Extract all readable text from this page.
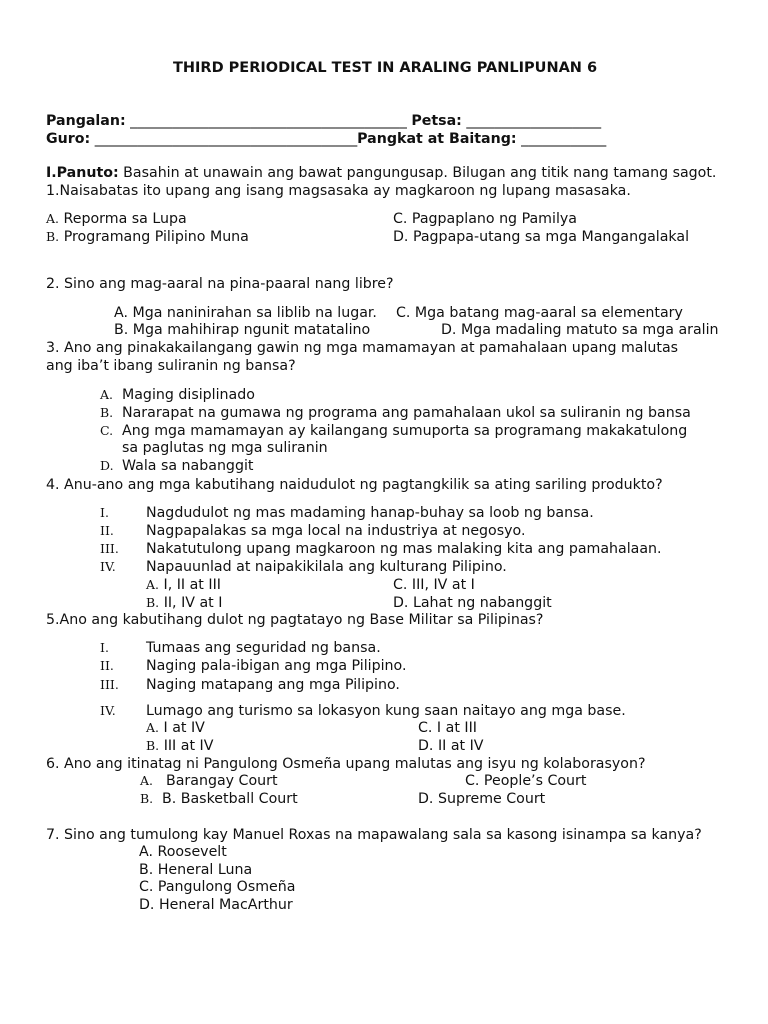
THIRD PERIODICAL TEST IN ARALING PANLIPUNAN 6
Pangalan: _______________________________________ Petsa: ___________________
Guro: _____________________________________Pangkat at Baitang: ____________
I.Panuto: Basahin at unawain ang bawat pangungusap. Bilugan ang titik nang tamang sagot.
1.Naisabatas ito upang ang isang magsasaka ay magkaroon ng lupang masasaka.
A. Reporma sa Lupa	C. Pagpaplano ng Pamilya
B. Programang Pilipino Muna	D. Pagpapa-utang sa mga Mangangalakal
2. Sino ang mag-aaral na pina-paaral nang libre?
A. Mga naninirahan sa liblib na lugar. C. Mga batang mag-aaral sa elementary
B. Mga mahihirap ngunit matatalino	D. Mga madaling matuto sa mga aralin
3. Ano ang pinakakailangang gawin ng mga mamamayan at pamahalaan upang malutas
ang iba’t ibang suliranin ng bansa?
A. Maging disiplinado
B. Nararapat na gumawa ng programa ang pamahalaan ukol sa suliranin ng bansa
C. Ang mga mamamayan ay kailangang sumuporta sa programang makakatulong
sa paglutas ng mga suliranin
D. Wala sa nabanggit
4. Anu-ano ang mga kabutihang naidudulot ng pagtangkilik sa ating sariling produkto?
I.	Nagdudulot ng mas madaming hanap-buhay sa loob ng bansa.
II. Nagpapalakas sa mga local na industriya at negosyo.
III. Nakatutulong upang magkaroon ng mas malaking kita ang pamahalaan.
IV. Napauunlad at naipakikilala ang kulturang Pilipino.
A. I, II at III	C. III, IV at I
B. II, IV at I	D. Lahat ng nabanggit
5.Ano ang kabutihang dulot ng pagtatayo ng Base Militar sa Pilipinas?
I.	Tumaas ang seguridad ng bansa.
II. Naging pala-ibigan ang mga Pilipino.
III. Naging matapang ang mga Pilipino.
IV. Lumago ang turismo sa lokasyon kung saan naitayo ang mga base.
A. I at IV	C. I at III
B. III at IV	D. II at IV
6. Ano ang itinatag ni Pangulong Osmeña upang malutas ang isyu ng kolaborasyon?
A. Barangay Court	C. People’s Court
B. B. Basketball Court	D. Supreme Court
7. Sino ang tumulong kay Manuel Roxas na mapawalang sala sa kasong isinampa sa kanya?
A. Roosevelt
B. Heneral Luna
C. Pangulong Osmeña
D. Heneral MacArthur
